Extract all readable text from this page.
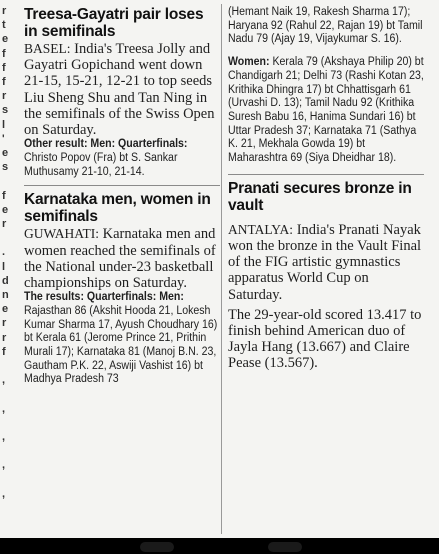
r
t
e
f
f
f
r
s
l
'
e
s
f
e
r
.
l
d
n
e
r
r
f
,
,
,
,
,
Treesa-Gayatri pair loses in semifinals

BASEL: India's Treesa Jolly and Gayatri Gopichand went down 21-15, 15-21, 12-21 to top seeds Liu Sheng Shu and Tan Ning in the semifinals of the Swiss Open on Saturday.

Other result: Men: Quarterfinals: Christo Popov (Fra) bt S. Sankar Muthusamy 21-10, 21-14.

Karnataka men, women in semifinals

GUWAHATI: Karnataka men and women reached the semifinals of the National under-23 basketball championships on Saturday.

The results: Quarterfinals: Men: Rajasthan 86 (Akshit Hooda 21, Lokesh Kumar Sharma 17, Ayush Choudhary 16) bt Kerala 61 (Jerome Prince 21, Prithin Murali 17); Karnataka 81 (Manoj B.N. 23, Gautham P.K. 22, Aswiji Vashist 16) bt Madhya Pradesh 73

(Hemant Naik 19, Rakesh Sharma 17); Haryana 92 (Rahul 22, Rajan 19) bt Tamil Nadu 79 (Ajay 19, Vijaykumar S. 16).

Women: Kerala 79 (Akshaya Philip 20) bt Chandigarh 21; Delhi 73 (Rashi Kotan 23, Krithika Dhingra 17) bt Chhattisgarh 61 (Urvashi D. 13); Tamil Nadu 92 (Krithika Suresh Babu 16, Hanima Sundari 16) bt Uttar Pradesh 37; Karnataka 71 (Sathya K. 21, Mekhala Gowda 19) bt Maharashtra 69 (Siya Dheidhar 18).

Pranati secures bronze in vault

ANTALYA: India's Pranati Nayak won the bronze in the Vault Final of the FIG artistic gymnastics apparatus World Cup on Saturday.

The 29-year-old scored 13.417 to finish behind American duo of Jayla Hang (13.667) and Claire Pease (13.567).
